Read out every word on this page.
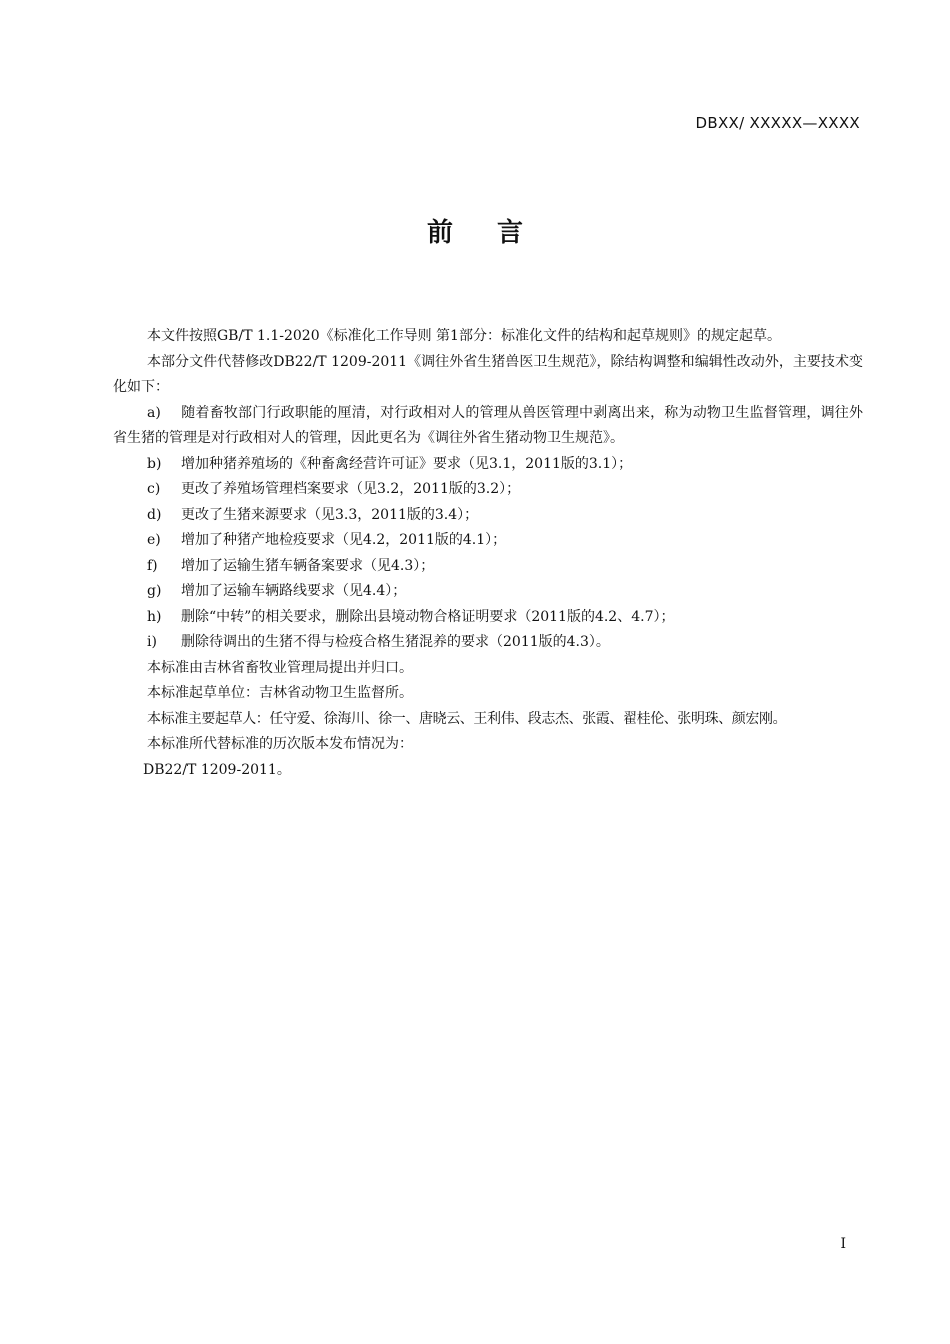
DBXX/ XXXXX—XXXX
前言

本文件按照GB/T 1.1-2020《标准化工作导则 第1部分：标准化文件的结构和起草规则》的规定起草。

本部分文件代替修改DB22/T 1209-2011《调往外省生猪兽医卫生规范》，除结构调整和编辑性改动外，主要技术变化如下：

a) 随着畜牧部门行政职能的厘清，对行政相对人的管理从兽医管理中剥离出来，称为动物卫生监督管理，调往外省生猪的管理是对行政相对人的管理，因此更名为《调往外省生猪动物卫生规范》。

b) 增加种猪养殖场的《种畜禽经营许可证》要求（见3.1，2011版的3.1）；

c) 更改了养殖场管理档案要求（见3.2，2011版的3.2）；

d) 更改了生猪来源要求（见3.3，2011版的3.4）；

e) 增加了种猪产地检疫要求（见4.2，2011版的4.1）；

f) 增加了运输生猪车辆备案要求（见4.3）；

g) 增加了运输车辆路线要求（见4.4）；

h) 删除“中转”的相关要求，删除出县境动物合格证明要求（2011版的4.2、4.7）；

i) 删除待调出的生猪不得与检疫合格生猪混养的要求（2011版的4.3）。

本标准由吉林省畜牧业管理局提出并归口。

本标准起草单位：吉林省动物卫生监督所。

本标准主要起草人：任守爱、徐海川、徐一、唐晓云、王利伟、段志杰、张霞、翟桂伦、张明珠、颜宏刚。

本标准所代替标准的历次版本发布情况为：

DB22/T 1209-2011。

I
